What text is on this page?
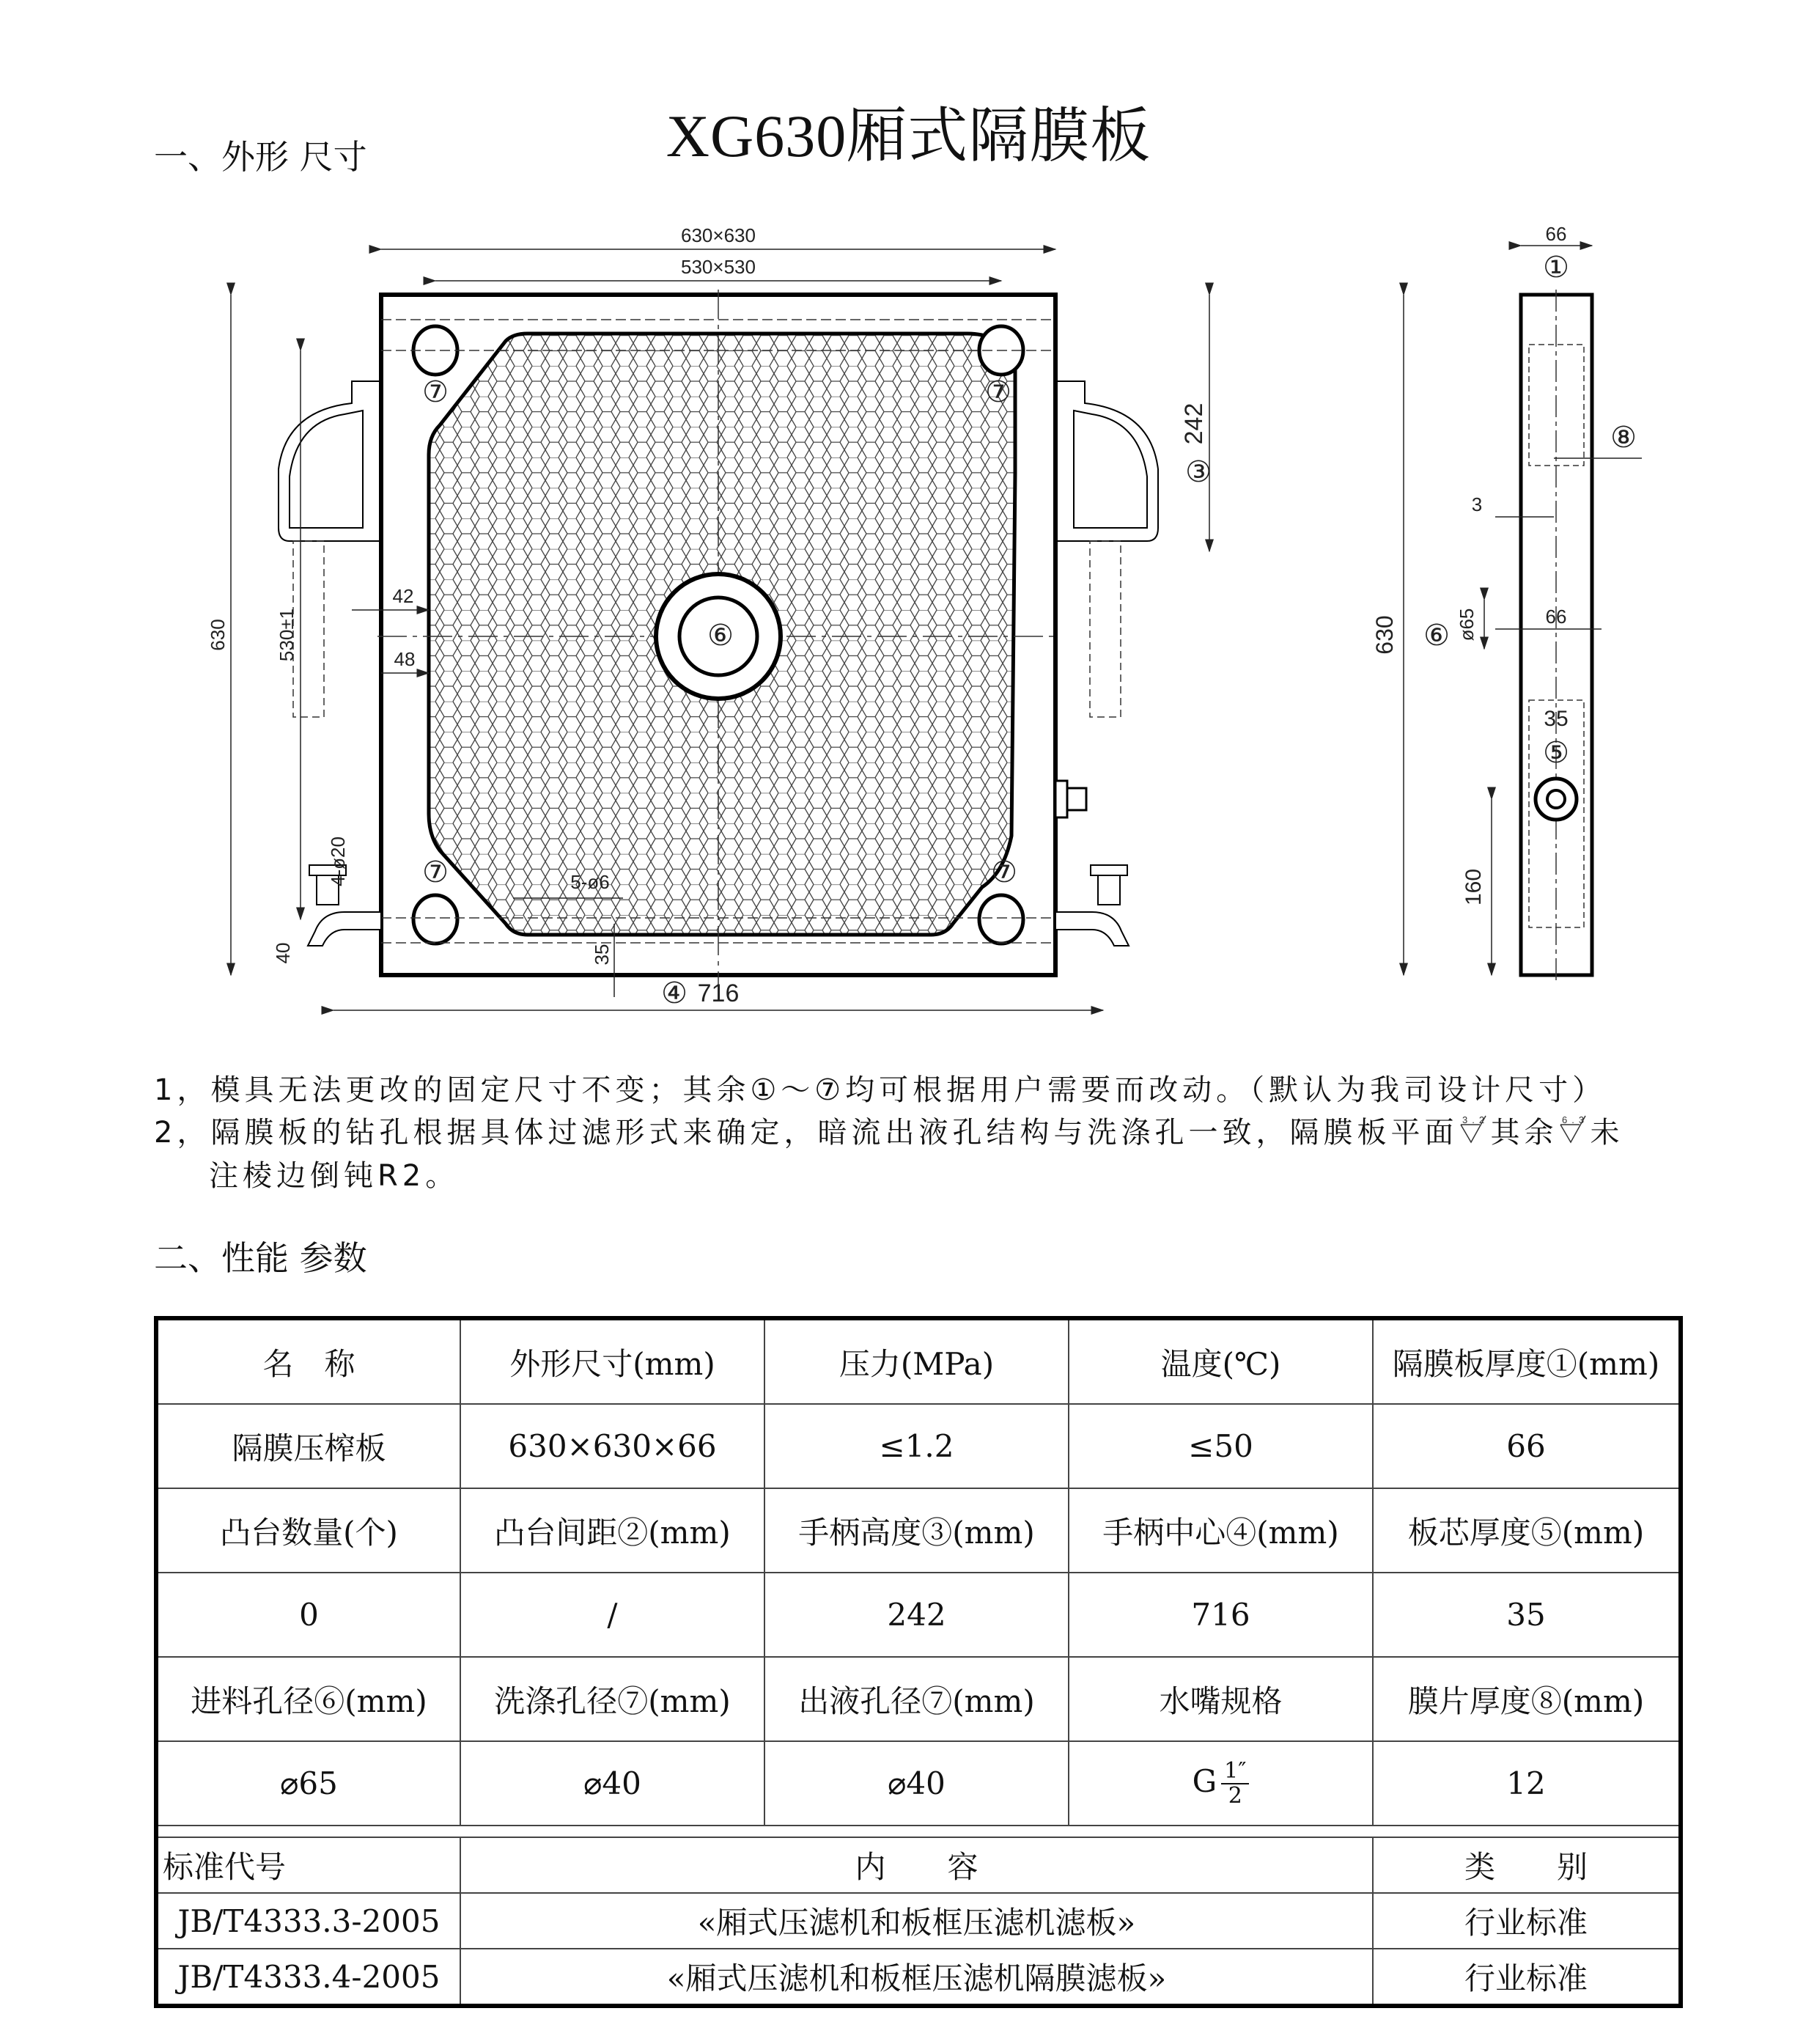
XG630厢式隔膜板
一、外形 尺寸
630×630
530×530
630 530±1
42
48
4-ø20
40
5-ø6
35
④ 716
242
③
⑥
⑦	⑦
⑦	⑦
66
①
⑧
3
630 ⑥ ø65	66
35
⑤
160
1，模具无法更改的固定尺寸不变；其余①～⑦均可根据用户需要而改动。（默认为我司设计尺寸）
2，隔膜板的钻孔根据具体过滤形式来确定，暗流出液孔结构与洗涤孔一致，隔膜板平面 3.2 其余 6.3 未
注棱边倒钝R2。
二、性能 参数
名　称	外形尺寸(mm)	压力(MPa)	温度(℃)	隔膜板厚度①(mm)
隔膜压榨板	630×630×66	≤1.2	≤50	66
凸台数量(个)	凸台间距②(mm)	手柄高度③(mm)	手柄中心④(mm)	板芯厚度⑤(mm)
0	/	242	716	35
进料孔径⑥(mm)	洗涤孔径⑦(mm)	出液孔径⑦(mm)	水嘴规格	膜片厚度⑧(mm)
⌀65	⌀40	⌀40	G $\frac{1''}{2}$	12

标准代号	内　　容			类　　别
JB/T4333.3-2005	«厢式压滤机和板框压滤机滤板»			行业标准
JB/T4333.4-2005	«厢式压滤机和板框压滤机隔膜滤板»			行业标准
